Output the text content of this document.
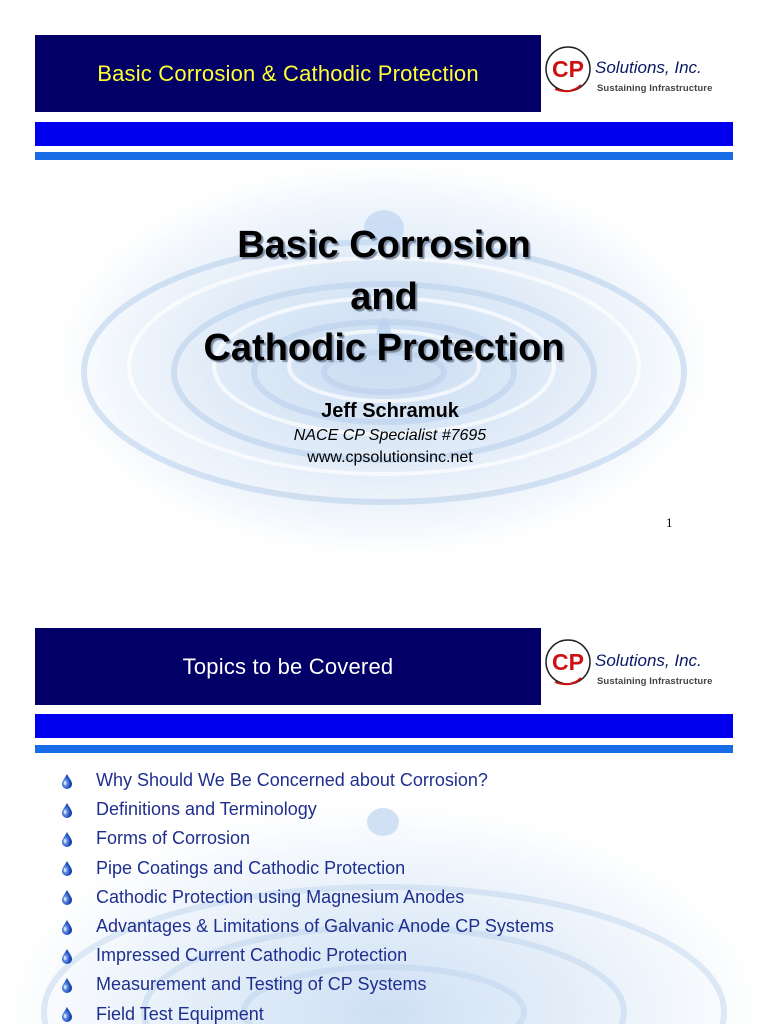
Basic Corrosion & Cathodic Protection	CP Solutions, Inc.
Sustaining Infrastructure
Basic Corrosion
and
Cathodic Protection
Jeff Schramuk
NACE CP Specialist #7695
www.cpsolutionsinc.net
1
Topics to be Covered	CP Solutions, Inc.
Sustaining Infrastructure
Why Should We Be Concerned about Corrosion?
Definitions and Terminology
Forms of Corrosion
Pipe Coatings and Cathodic Protection
Cathodic Protection using Magnesium Anodes
Advantages & Limitations of Galvanic Anode CP Systems
Impressed Current Cathodic Protection
Measurement and Testing of CP Systems
Field Test Equipment
